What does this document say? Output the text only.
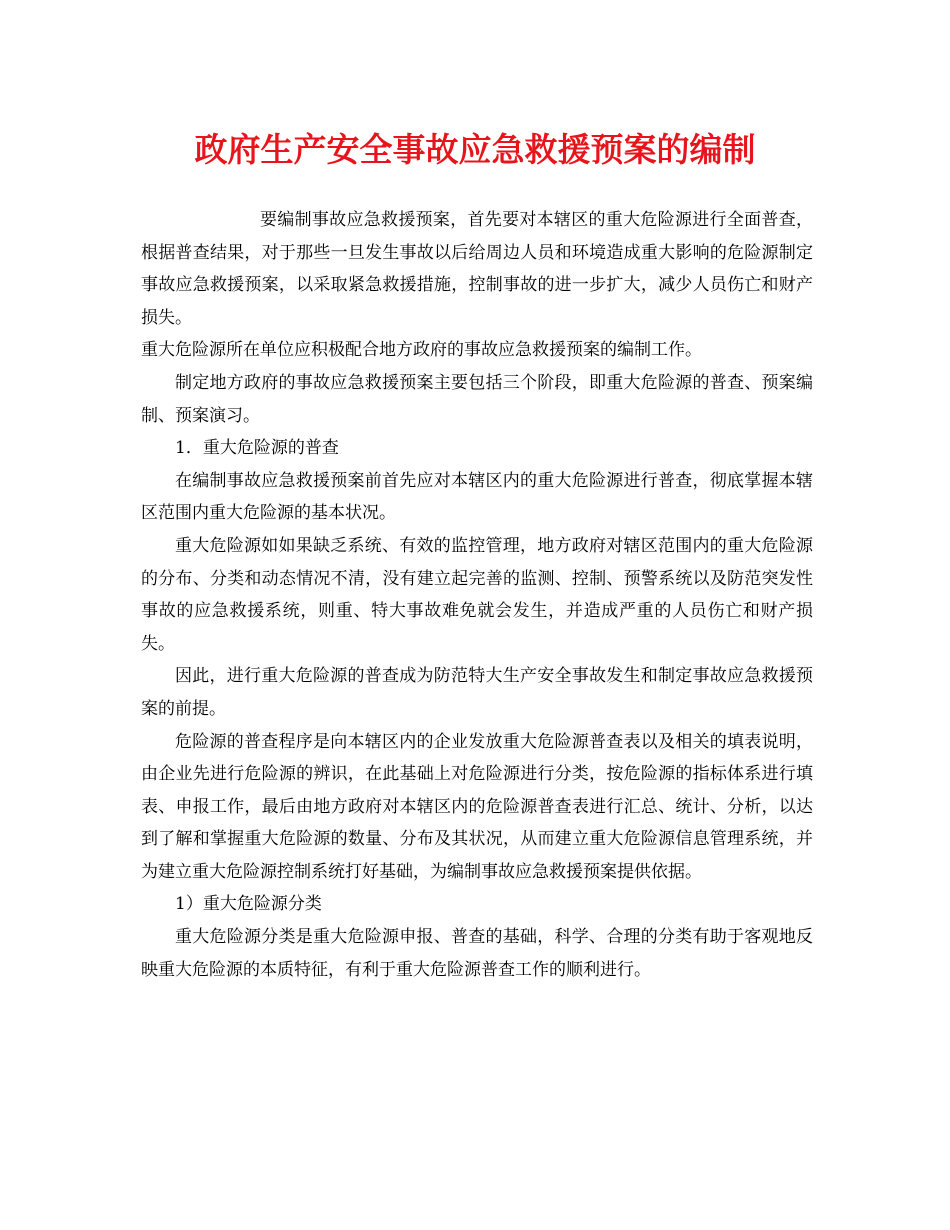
政府生产安全事故应急救援预案的编制

要编制事故应急救援预案，首先要对本辖区的重大危险源进行全面普查，根据普查结果，对于那些一旦发生事故以后给周边人员和环境造成重大影响的危险源制定事故应急救援预案，以采取紧急救援措施，控制事故的进一步扩大，减少人员伤亡和财产损失。

重大危险源所在单位应积极配合地方政府的事故应急救援预案的编制工作。

制定地方政府的事故应急救援预案主要包括三个阶段，即重大危险源的普查、预案编制、预案演习。

1．重大危险源的普查

在编制事故应急救援预案前首先应对本辖区内的重大危险源进行普查，彻底掌握本辖区范围内重大危险源的基本状况。

重大危险源如如果缺乏系统、有效的监控管理，地方政府对辖区范围内的重大危险源的分布、分类和动态情况不清，没有建立起完善的监测、控制、预警系统以及防范突发性事故的应急救援系统，则重、特大事故难免就会发生，并造成严重的人员伤亡和财产损失。

因此，进行重大危险源的普查成为防范特大生产安全事故发生和制定事故应急救援预案的前提。

危险源的普查程序是向本辖区内的企业发放重大危险源普查表以及相关的填表说明，由企业先进行危险源的辨识，在此基础上对危险源进行分类，按危险源的指标体系进行填表、申报工作，最后由地方政府对本辖区内的危险源普查表进行汇总、统计、分析，以达到了解和掌握重大危险源的数量、分布及其状况，从而建立重大危险源信息管理系统，并为建立重大危险源控制系统打好基础，为编制事故应急救援预案提供依据。

1）重大危险源分类

重大危险源分类是重大危险源申报、普查的基础，科学、合理的分类有助于客观地反映重大危险源的本质特征，有利于重大危险源普查工作的顺利进行。
